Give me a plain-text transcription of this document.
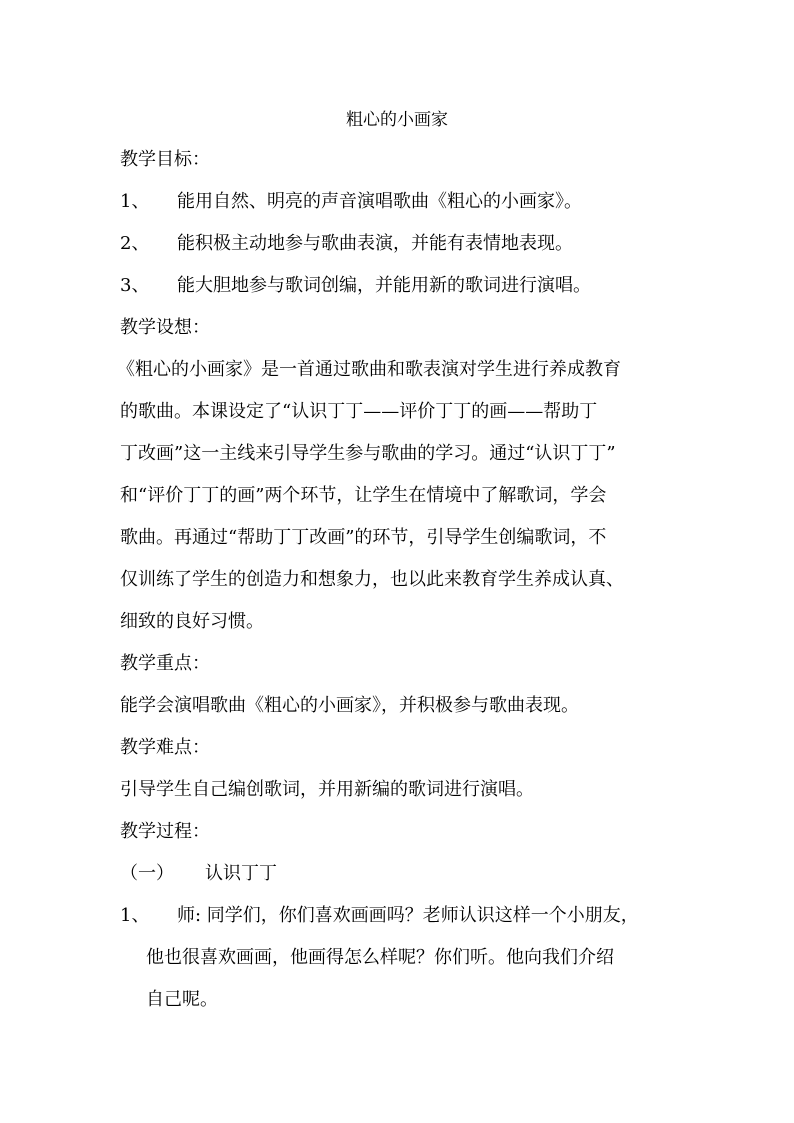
粗心的小画家
教学目标：
1、 能用自然、明亮的声音演唱歌曲《粗心的小画家》。
2、 能积极主动地参与歌曲表演，并能有表情地表现。
3、 能大胆地参与歌词创编，并能用新的歌词进行演唱。
教学设想：
《粗心的小画家》是一首通过歌曲和歌表演对学生进行养成教育
的歌曲。本课设定了“认识丁丁——评价丁丁的画——帮助丁
丁改画”这一主线来引导学生参与歌曲的学习。通过“认识丁丁”
和“评价丁丁的画”两个环节，让学生在情境中了解歌词，学会
歌曲。再通过“帮助丁丁改画”的环节，引导学生创编歌词，不
仅训练了学生的创造力和想象力，也以此来教育学生养成认真、
细致的良好习惯。
教学重点：
能学会演唱歌曲《粗心的小画家》，并积极参与歌曲表现。
教学难点：
引导学生自己编创歌词，并用新编的歌词进行演唱。
教学过程：
（一） 认识丁丁
1、 师: 同学们，你们喜欢画画吗？老师认识这样一个小朋友，
他也很喜欢画画，他画得怎么样呢？你们听。他向我们介绍
自己呢。
